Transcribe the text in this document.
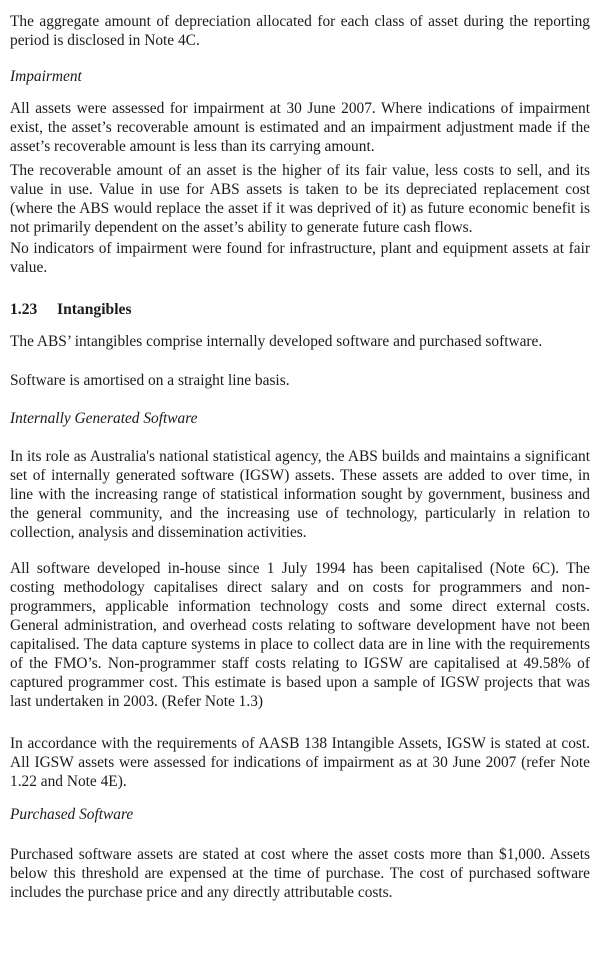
The aggregate amount of depreciation allocated for each class of asset during the reporting period is disclosed in Note 4C.

Impairment

All assets were assessed for impairment at 30 June 2007. Where indications of impairment exist, the asset’s recoverable amount is estimated and an impairment adjustment made if the asset’s recoverable amount is less than its carrying amount.

The recoverable amount of an asset is the higher of its fair value, less costs to sell, and its value in use. Value in use for ABS assets is taken to be its depreciated replacement cost (where the ABS would replace the asset if it was deprived of it) as future economic benefit is not primarily dependent on the asset’s ability to generate future cash flows.

No indicators of impairment were found for infrastructure, plant and equipment assets at fair value.

1.23 Intangibles

The ABS’ intangibles comprise internally developed software and purchased software.

Software is amortised on a straight line basis.

Internally Generated Software

In its role as Australia's national statistical agency, the ABS builds and maintains a significant set of internally generated software (IGSW) assets. These assets are added to over time, in line with the increasing range of statistical information sought by government, business and the general community, and the increasing use of technology, particularly in relation to collection, analysis and dissemination activities.

All software developed in-house since 1 July 1994 has been capitalised (Note 6C). The costing methodology capitalises direct salary and on costs for programmers and non-programmers, applicable information technology costs and some direct external costs. General administration, and overhead costs relating to software development have not been capitalised. The data capture systems in place to collect data are in line with the requirements of the FMO’s. Non-programmer staff costs relating to IGSW are capitalised at 49.58% of captured programmer cost. This estimate is based upon a sample of IGSW projects that was last undertaken in 2003. (Refer Note 1.3)

In accordance with the requirements of AASB 138 Intangible Assets, IGSW is stated at cost. All IGSW assets were assessed for indications of impairment as at 30 June 2007 (refer Note 1.22 and Note 4E).

Purchased Software

Purchased software assets are stated at cost where the asset costs more than $1,000. Assets below this threshold are expensed at the time of purchase. The cost of purchased software includes the purchase price and any directly attributable costs.
